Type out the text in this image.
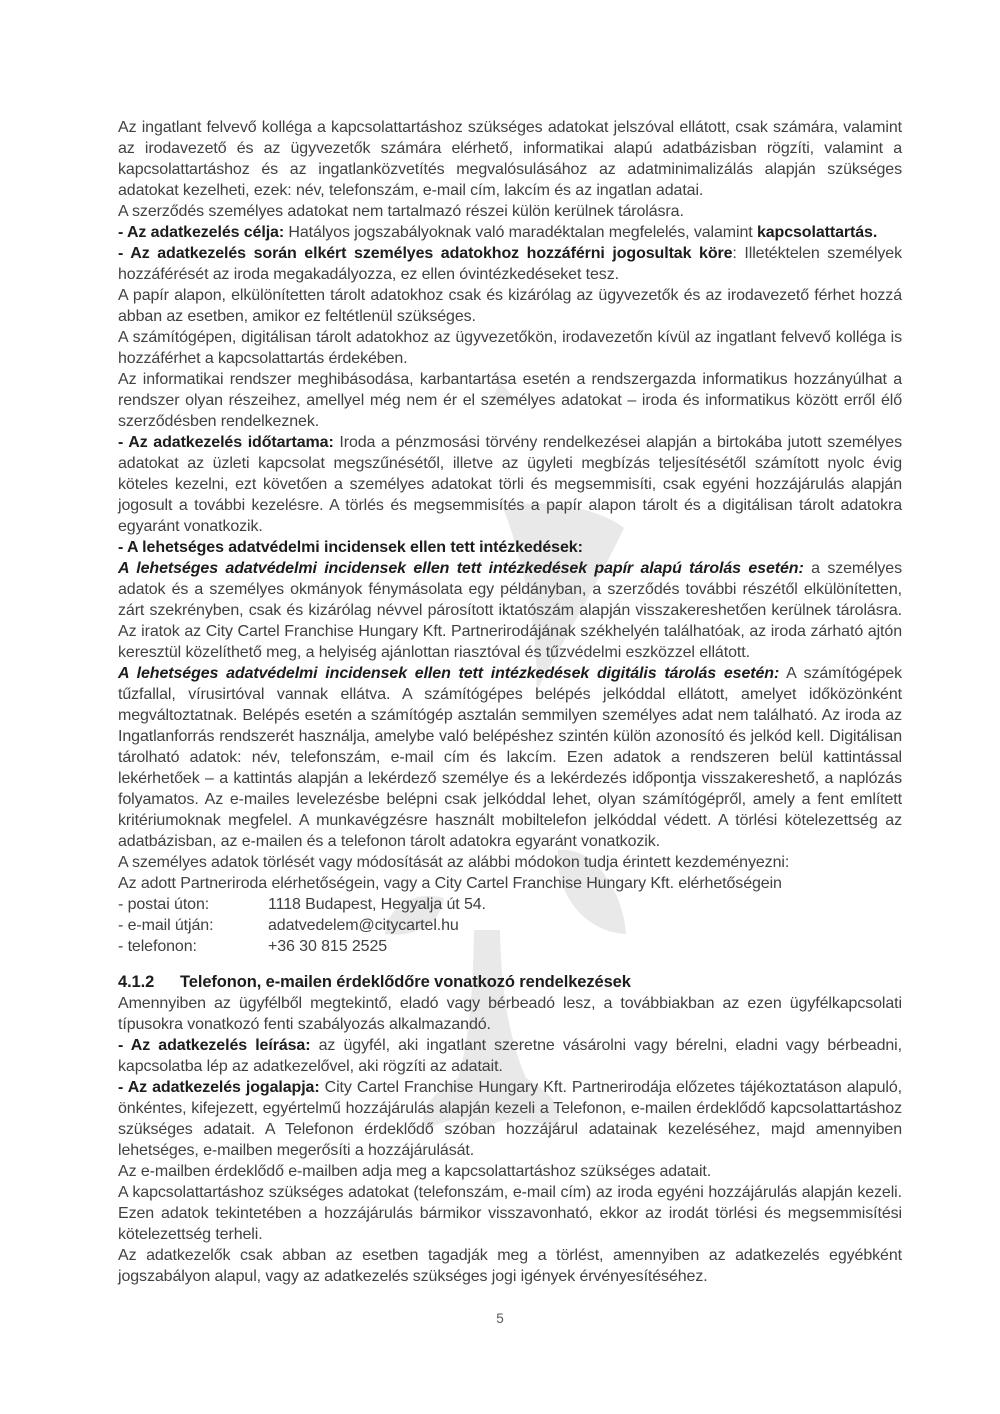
Az ingatlant felvevő kolléga a kapcsolattartáshoz szükséges adatokat jelszóval ellátott, csak számára, valamint az irodavezető és az ügyvezetők számára elérhető, informatikai alapú adatbázisban rögzíti, valamint a kapcsolattartáshoz és az ingatlanközvetítés megvalósulásához az adatminimalizálás alapján szükséges adatokat kezelheti, ezek: név, telefonszám, e-mail cím, lakcím és az ingatlan adatai.

A szerződés személyes adatokat nem tartalmazó részei külön kerülnek tárolásra.

- Az adatkezelés célja: Hatályos jogszabályoknak való maradéktalan megfelelés, valamint kapcsolattartás.

- Az adatkezelés során elkért személyes adatokhoz hozzáférni jogosultak köre: Illetéktelen személyek hozzáférését az iroda megakadályozza, ez ellen óvintézkedéseket tesz.

A papír alapon, elkülönítetten tárolt adatokhoz csak és kizárólag az ügyvezetők és az irodavezető férhet hozzá abban az esetben, amikor ez feltétlenül szükséges.

A számítógépen, digitálisan tárolt adatokhoz az ügyvezetőkön, irodavezetőn kívül az ingatlant felvevő kolléga is hozzáférhet a kapcsolattartás érdekében.

Az informatikai rendszer meghibásodása, karbantartása esetén a rendszergazda informatikus hozzányúlhat a rendszer olyan részeihez, amellyel még nem ér el személyes adatokat – iroda és informatikus között erről élő szerződésben rendelkeznek.

- Az adatkezelés időtartama: Iroda a pénzmosási törvény rendelkezései alapján a birtokába jutott személyes adatokat az üzleti kapcsolat megszűnésétől, illetve az ügyleti megbízás teljesítésétől számított nyolc évig köteles kezelni, ezt követően a személyes adatokat törli és megsemmisíti, csak egyéni hozzájárulás alapján jogosult a további kezelésre. A törlés és megsemmisítés a papír alapon tárolt és a digitálisan tárolt adatokra egyaránt vonatkozik.

- A lehetséges adatvédelmi incidensek ellen tett intézkedések:

A lehetséges adatvédelmi incidensek ellen tett intézkedések papír alapú tárolás esetén: a személyes adatok és a személyes okmányok fénymásolata egy példányban, a szerződés további részétől elkülönítetten, zárt szekrényben, csak és kizárólag névvel párosított iktatószám alapján visszakereshetően kerülnek tárolásra. Az iratok az City Cartel Franchise Hungary Kft. Partnerirodájának székhelyén találhatóak, az iroda zárható ajtón keresztül közelíthető meg, a helyiség ajánlottan riasztóval és tűzvédelmi eszközzel ellátott.

A lehetséges adatvédelmi incidensek ellen tett intézkedések digitális tárolás esetén: A számítógépek tűzfallal, vírusirtóval vannak ellátva. A számítógépes belépés jelkóddal ellátott, amelyet időközönként megváltoztatnak. Belépés esetén a számítógép asztalán semmilyen személyes adat nem található. Az iroda az Ingatlanforrás rendszerét használja, amelybe való belépéshez szintén külön azonosító és jelkód kell. Digitálisan tárolható adatok: név, telefonszám, e-mail cím és lakcím. Ezen adatok a rendszeren belül kattintással lekérhetőek – a kattintás alapján a lekérdező személye és a lekérdezés időpontja visszakereshető, a naplózás folyamatos. Az e-mailes levelezésbe belépni csak jelkóddal lehet, olyan számítógépről, amely a fent említett kritériumoknak megfelel. A munkavégzésre használt mobiltelefon jelkóddal védett. A törlési kötelezettség az adatbázisban, az e-mailen és a telefonon tárolt adatokra egyaránt vonatkozik.

A személyes adatok törlését vagy módosítását az alábbi módokon tudja érintett kezdeményezni:

Az adott Partneriroda elérhetőségein, vagy a City Cartel Franchise Hungary Kft. elérhetőségein

- postai úton:	1118 Budapest, Hegyalja út 54.
- e-mail útján:	adatvedelem@citycartel.hu
- telefonon:	+36 30 815 2525
4.1.2 Telefonon, e-mailen érdeklődőre vonatkozó rendelkezések

Amennyiben az ügyfélből megtekintő, eladó vagy bérbeadó lesz, a továbbiakban az ezen ügyfélkapcsolati típusokra vonatkozó fenti szabályozás alkalmazandó.

- Az adatkezelés leírása: az ügyfél, aki ingatlant szeretne vásárolni vagy bérelni, eladni vagy bérbeadni, kapcsolatba lép az adatkezelővel, aki rögzíti az adatait.

- Az adatkezelés jogalapja: City Cartel Franchise Hungary Kft. Partnerirodája előzetes tájékoztatáson alapuló, önkéntes, kifejezett, egyértelmű hozzájárulás alapján kezeli a Telefonon, e-mailen érdeklődő kapcsolattartáshoz szükséges adatait. A Telefonon érdeklődő szóban hozzájárul adatainak kezeléséhez, majd amennyiben lehetséges, e-mailben megerősíti a hozzájárulását.

Az e-mailben érdeklődő e-mailben adja meg a kapcsolattartáshoz szükséges adatait.

A kapcsolattartáshoz szükséges adatokat (telefonszám, e-mail cím) az iroda egyéni hozzájárulás alapján kezeli. Ezen adatok tekintetében a hozzájárulás bármikor visszavonható, ekkor az irodát törlési és megsemmisítési kötelezettség terheli.

Az adatkezelők csak abban az esetben tagadják meg a törlést, amennyiben az adatkezelés egyébként jogszabályon alapul, vagy az adatkezelés szükséges jogi igények érvényesítéséhez.

5
